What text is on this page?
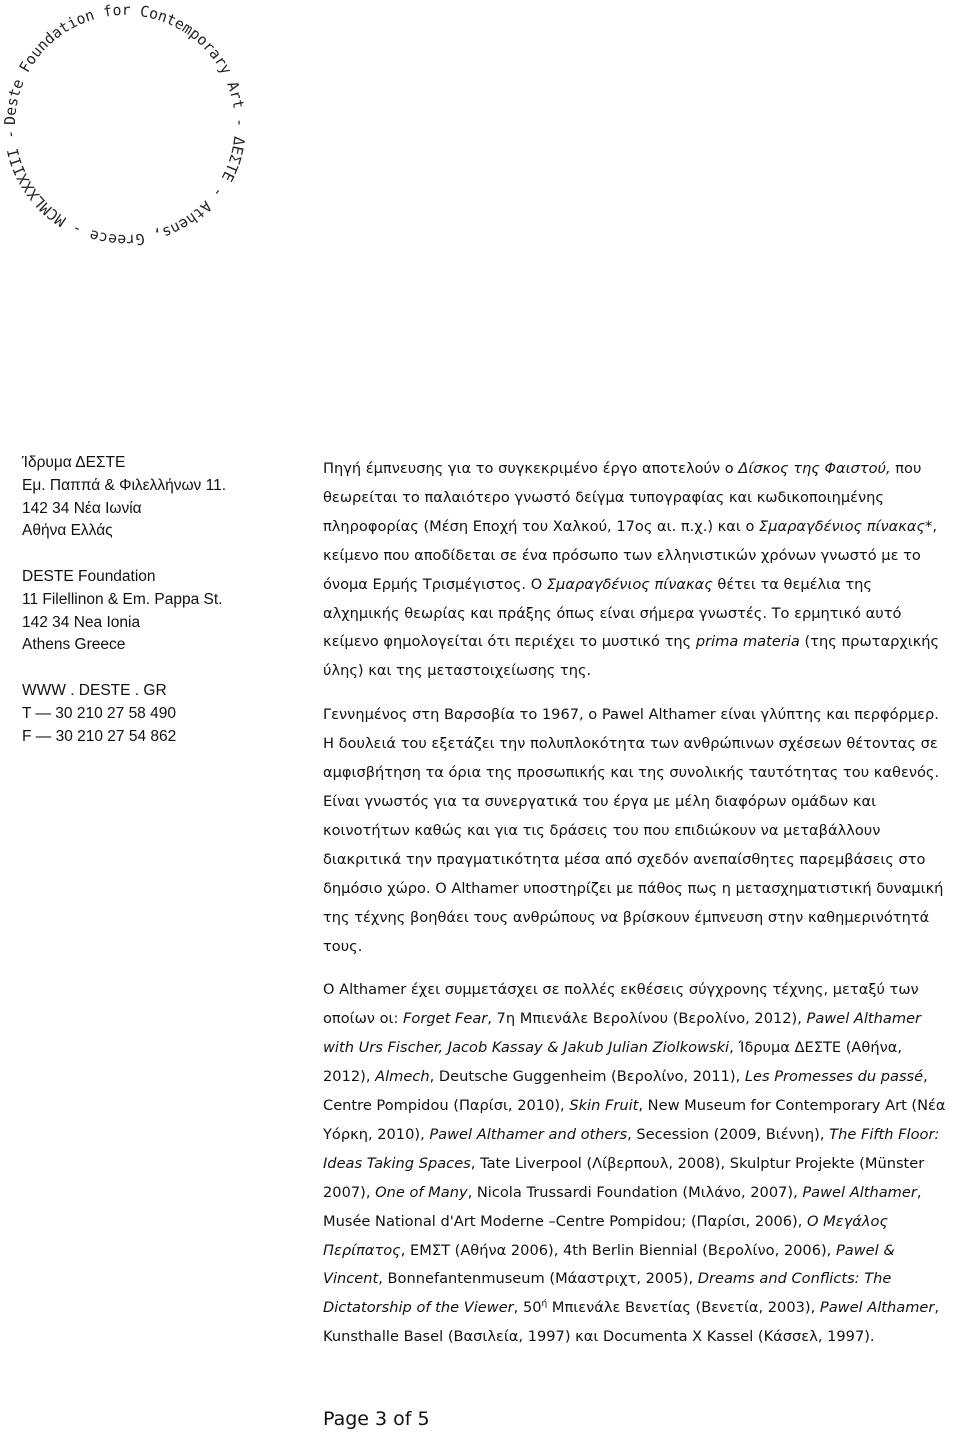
Deste Foundation for Contemporary Art - ΔΕΣΤΕ - Athens, Greece - MCMLXXXIII -
Ίδρυμα ΔΕΣΤΕ
Εμ. Παππά & Φιλελλήνων 11.
142 34 Νέα Ιωνία
Αθήνα Ελλάς
DESTE Foundation
11 Filellinon & Em. Pappa St.
142 34 Nea Ionia
Athens Greece
WWW . DESTE . GR
T — 30 210 27 58 490
F — 30 210 27 54 862

Πηγή έμπνευσης για το συγκεκριμένο έργο αποτελούν ο Δίσκος της Φαιστού, που θεωρείται το παλαιότερο γνωστό δείγμα τυπογραφίας και κωδικοποιημένης πληροφορίας (Μέση Εποχή του Χαλκού, 17ος αι. π.χ.) και ο Σμαραγδένιος πίνακας*, κείμενο που αποδίδεται σε ένα πρόσωπο των ελληνιστικών χρόνων γνωστό με το όνομα Ερμής Τρισμέγιστος. Ο Σμαραγδένιος πίνακας θέτει τα θεμέλια της αλχημικής θεωρίας και πράξης όπως είναι σήμερα γνωστές. Το ερμητικό αυτό κείμενο φημολογείται ότι περιέχει το μυστικό της prima materia (της πρωταρχικής ύλης) και της μεταστοιχείωσης της.

Γεννημένος στη Βαρσοβία το 1967, ο Pawel Althamer είναι γλύπτης και περφόρμερ. Η δουλειά του εξετάζει την πολυπλοκότητα των ανθρώπινων σχέσεων θέτοντας σε αμφισβήτηση τα όρια της προσωπικής και της συνολικής ταυτότητας του καθενός. Είναι γνωστός για τα συνεργατικά του έργα με μέλη διαφόρων ομάδων και κοινοτήτων καθώς και για τις δράσεις του που επιδιώκουν να μεταβάλλουν διακριτικά την πραγματικότητα μέσα από σχεδόν ανεπαίσθητες παρεμβάσεις στο δημόσιο χώρο. Ο Althamer υποστηρίζει με πάθος πως η μετασχηματιστική δυναμική της τέχνης βοηθάει τους ανθρώπους να βρίσκουν έμπνευση στην καθημερινότητά τους.

Ο Althamer έχει συμμετάσχει σε πολλές εκθέσεις σύγχρονης τέχνης, μεταξύ των οποίων οι: Forget Fear, 7η Μπιενάλε Βερολίνου (Βερολίνο, 2012), Pawel Althamer with Urs Fischer, Jacob Kassay & Jakub Julian Ziolkowski, Ίδρυμα ΔΕΣΤΕ (Αθήνα, 2012), Almech, Deutsche Guggenheim (Βερολίνο, 2011), Les Promesses du passé, Centre Pompidou (Παρίσι, 2010), Skin Fruit, New Museum for Contemporary Art (Νέα Υόρκη, 2010), Pawel Althamer and others, Secession (2009, Βιέννη), The Fifth Floor: Ideas Taking Spaces, Tate Liverpool (Λίβερπουλ, 2008), Skulptur Projekte (Münster 2007), One of Many, Nicola Trussardi Foundation (Μιλάνο, 2007), Pawel Althamer, Musée National d'Art Moderne –Centre Pompidou; (Παρίσι, 2006), Ο Μεγάλος Περίπατος, ΕΜΣΤ (Αθήνα 2006), 4th Berlin Biennial (Βερολίνο, 2006), Pawel & Vincent, Bonnefantenmuseum (Μάαστριχτ, 2005), Dreams and Conflicts: The Dictatorship of the Viewer, $50^ή$ Μπιενάλε Βενετίας (Βενετία, 2003), Pawel Althamer, Kunsthalle Basel (Βασιλεία, 1997) και Documenta X Kassel (Κάσσελ, 1997).

Page 3 of 5
